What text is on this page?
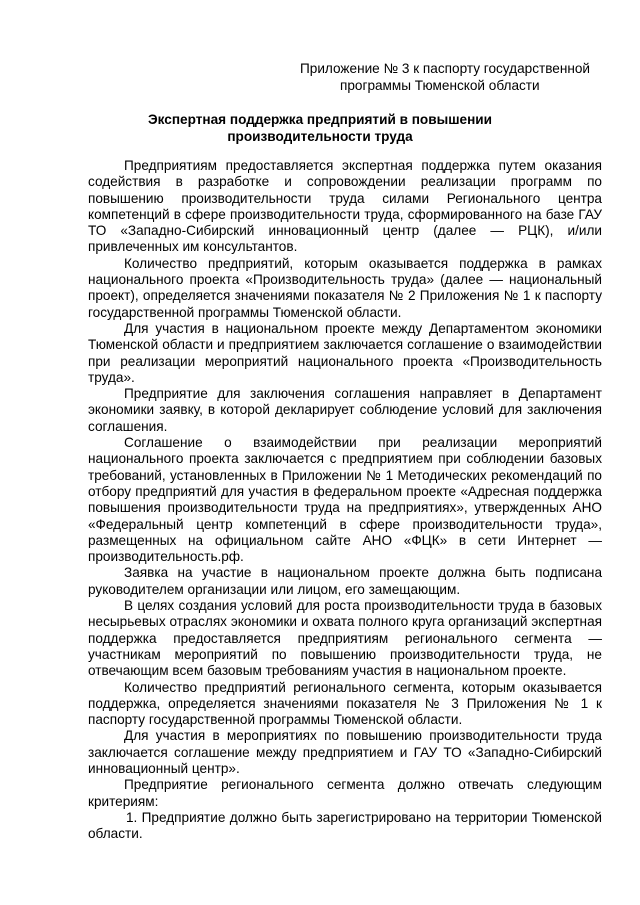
Приложение № 3 к паспорту государственной
программы Тюменской области
Экспертная поддержка предприятий в повышении
производительности труда

Предприятиям предоставляется экспертная поддержка путем оказания содействия в разработке и сопровождении реализации программ по повышению производительности труда силами Регионального центра компетенций в сфере производительности труда, сформированного на базе ГАУ ТО «Западно-Сибирский инновационный центр (далее — РЦК), и/или привлеченных им консультантов.

Количество предприятий, которым оказывается поддержка в рамках национального проекта «Производительность труда» (далее — национальный проект), определяется значениями показателя № 2 Приложения № 1 к паспорту государственной программы Тюменской области.

Для участия в национальном проекте между Департаментом экономики Тюменской области и предприятием заключается соглашение о взаимодействии при реализации мероприятий национального проекта «Производительность труда».

Предприятие для заключения соглашения направляет в Департамент экономики заявку, в которой декларирует соблюдение условий для заключения соглашения.

Соглашение о взаимодействии при реализации мероприятий национального проекта заключается с предприятием при соблюдении базовых требований, установленных в Приложении № 1 Методических рекомендаций по отбору предприятий для участия в федеральном проекте «Адресная поддержка повышения производительности труда на предприятиях», утвержденных АНО «Федеральный центр компетенций в сфере производительности труда», размещенных на официальном сайте АНО «ФЦК» в сети Интернет — производительность.рф.

Заявка на участие в национальном проекте должна быть подписана руководителем организации или лицом, его замещающим.

В целях создания условий для роста производительности труда в базовых несырьевых отраслях экономики и охвата полного круга организаций экспертная поддержка предоставляется предприятиям регионального сегмента — участникам мероприятий по повышению производительности труда, не отвечающим всем базовым требованиям участия в национальном проекте.

Количество предприятий регионального сегмента, которым оказывается поддержка, определяется значениями показателя № 3 Приложения № 1 к паспорту государственной программы Тюменской области.

Для участия в мероприятиях по повышению производительности труда заключается соглашение между предприятием и ГАУ ТО «Западно-Сибирский инновационный центр».

Предприятие регионального сегмента должно отвечать следующим критериям:

1. Предприятие должно быть зарегистрировано на территории Тюменской области.
